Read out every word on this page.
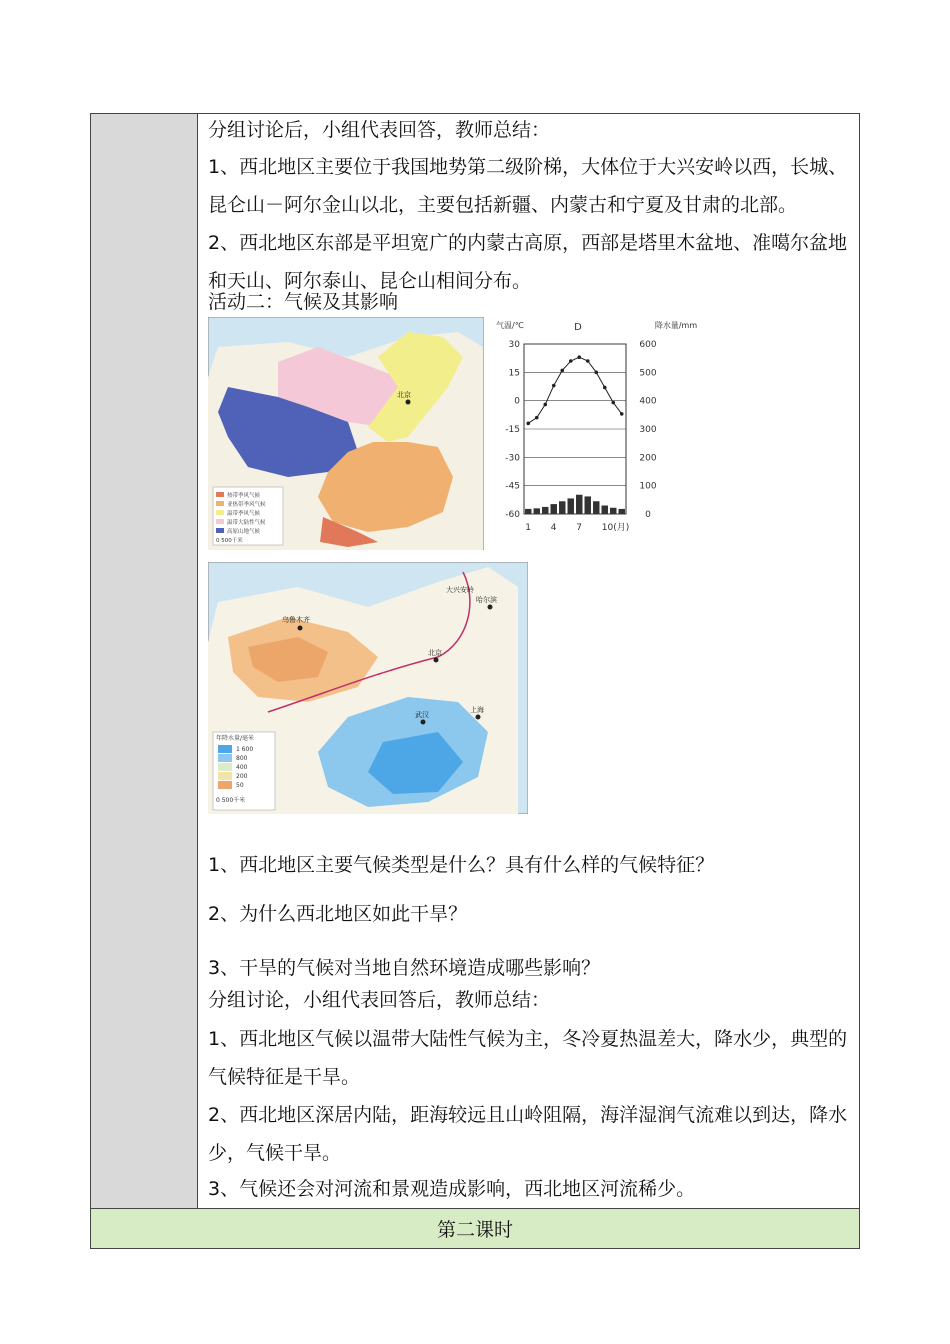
分组讨论后，小组代表回答，教师总结：
1、西北地区主要位于我国地势第二级阶梯，大体位于大兴安岭以西，长城、昆仑山－阿尔金山以北，主要包括新疆、内蒙古和宁夏及甘肃的北部。
2、西北地区东部是平坦宽广的内蒙古高原，西部是塔里木盆地、准噶尔盆地和天山、阿尔泰山、昆仑山相间分布。
活动二：气候及其影响
北京
热带季风气候
亚热带季风气候
温带季风气候
温带大陆性气候
高原山地气候
0 500千米
气温/℃	降水量/mm
D
30
15
0
-15
-30
-45
-60
600
500
400
300
200
100
0
1 4 7 10(月)
大兴安岭
北京
乌鲁木齐
武汉
上海
哈尔滨
年降水量/毫米
1 600
800
400
200
50
0 500千米
1、西北地区主要气候类型是什么？具有什么样的气候特征？
2、为什么西北地区如此干旱？
3、干旱的气候对当地自然环境造成哪些影响？
分组讨论，小组代表回答后，教师总结：
1、西北地区气候以温带大陆性气候为主，冬冷夏热温差大，降水少，典型的气候特征是干旱。
2、西北地区深居内陆，距海较远且山岭阻隔，海洋湿润气流难以到达，降水少，气候干旱。
3、气候还会对河流和景观造成影响，西北地区河流稀少。
第二课时
